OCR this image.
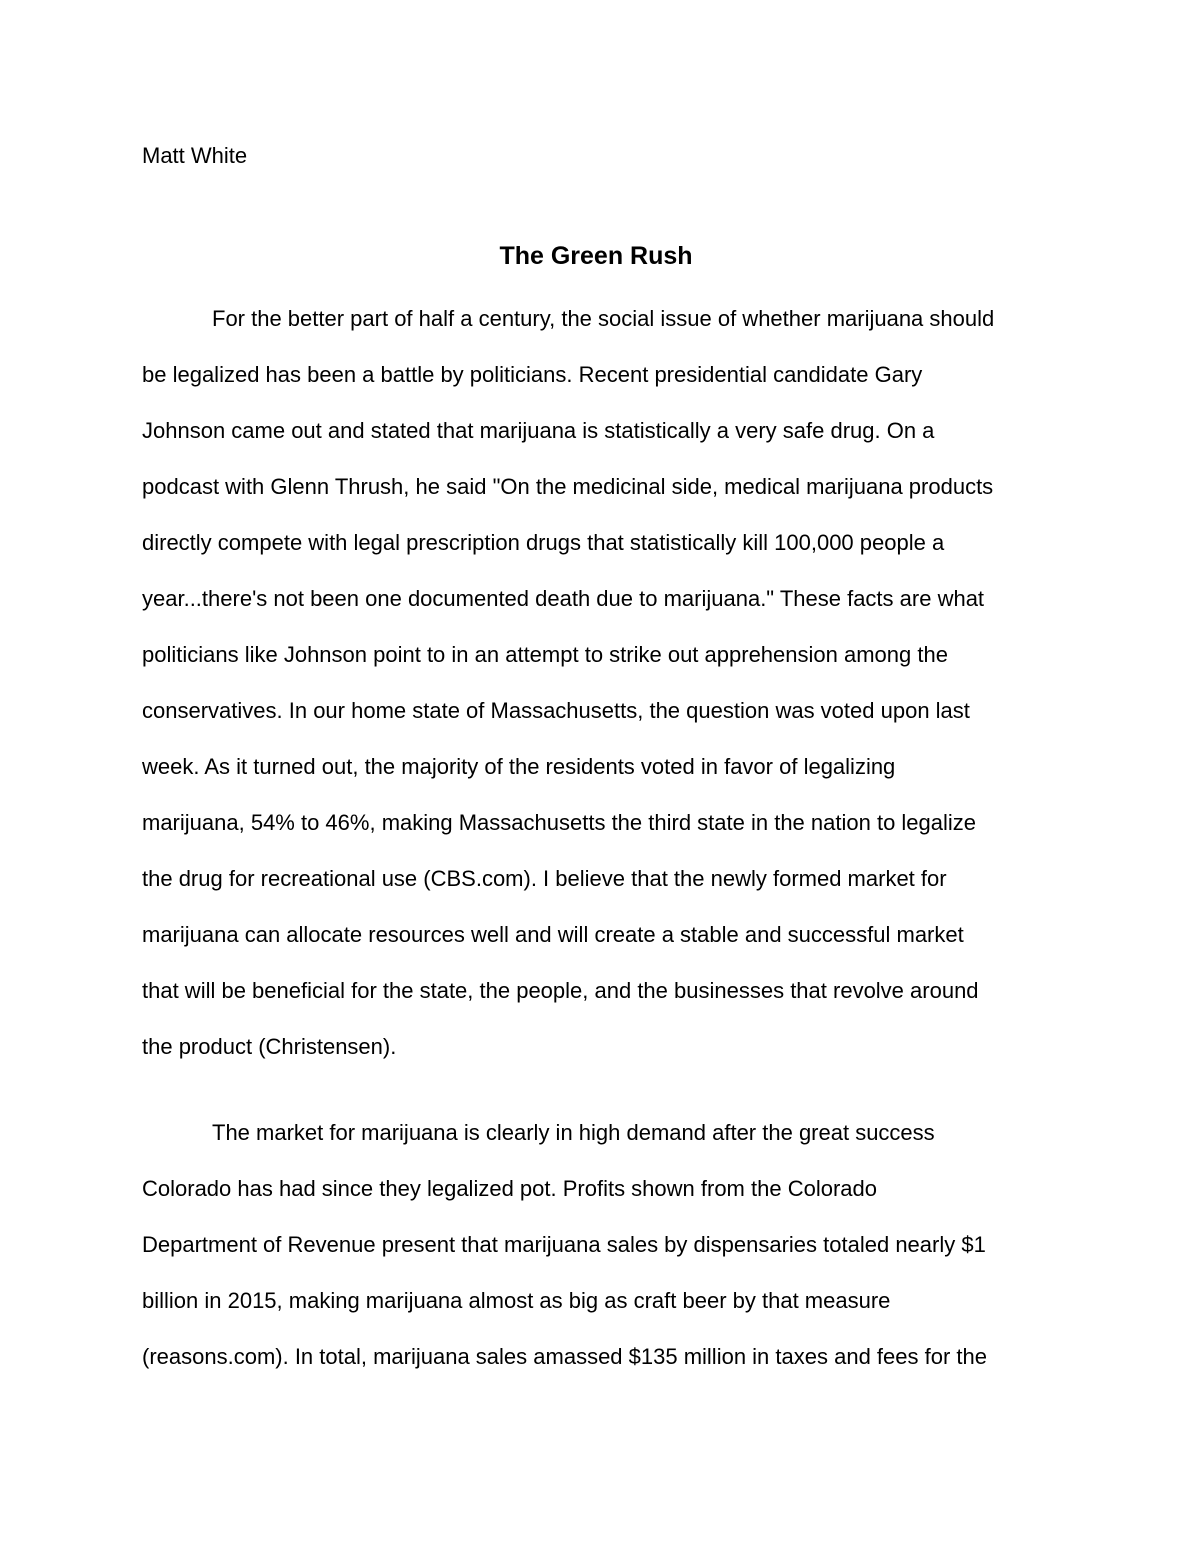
Matt White

The Green Rush
For the better part of half a century, the social issue of whether marijuana should
be legalized has been a battle by politicians. Recent presidential candidate Gary
Johnson came out and stated that marijuana is statistically a very safe drug. On a
podcast with Glenn Thrush, he said "On the medicinal side, medical marijuana products
directly compete with legal prescription drugs that statistically kill 100,000 people a
year...there's not been one documented death due to marijuana." These facts are what
politicians like Johnson point to in an attempt to strike out apprehension among the
conservatives. In our home state of Massachusetts, the question was voted upon last
week. As it turned out, the majority of the residents voted in favor of legalizing
marijuana, 54% to 46%, making Massachusetts the third state in the nation to legalize
the drug for recreational use (CBS.com). I believe that the newly formed market for
marijuana can allocate resources well and will create a stable and successful market
that will be beneficial for the state, the people, and the businesses that revolve around
the product (Christensen).
The market for marijuana is clearly in high demand after the great success
Colorado has had since they legalized pot. Profits shown from the Colorado
Department of Revenue present that marijuana sales by dispensaries totaled nearly $1
billion in 2015, making marijuana almost as big as craft beer by that measure
(reasons.com). In total, marijuana sales amassed $135 million in taxes and fees for the
